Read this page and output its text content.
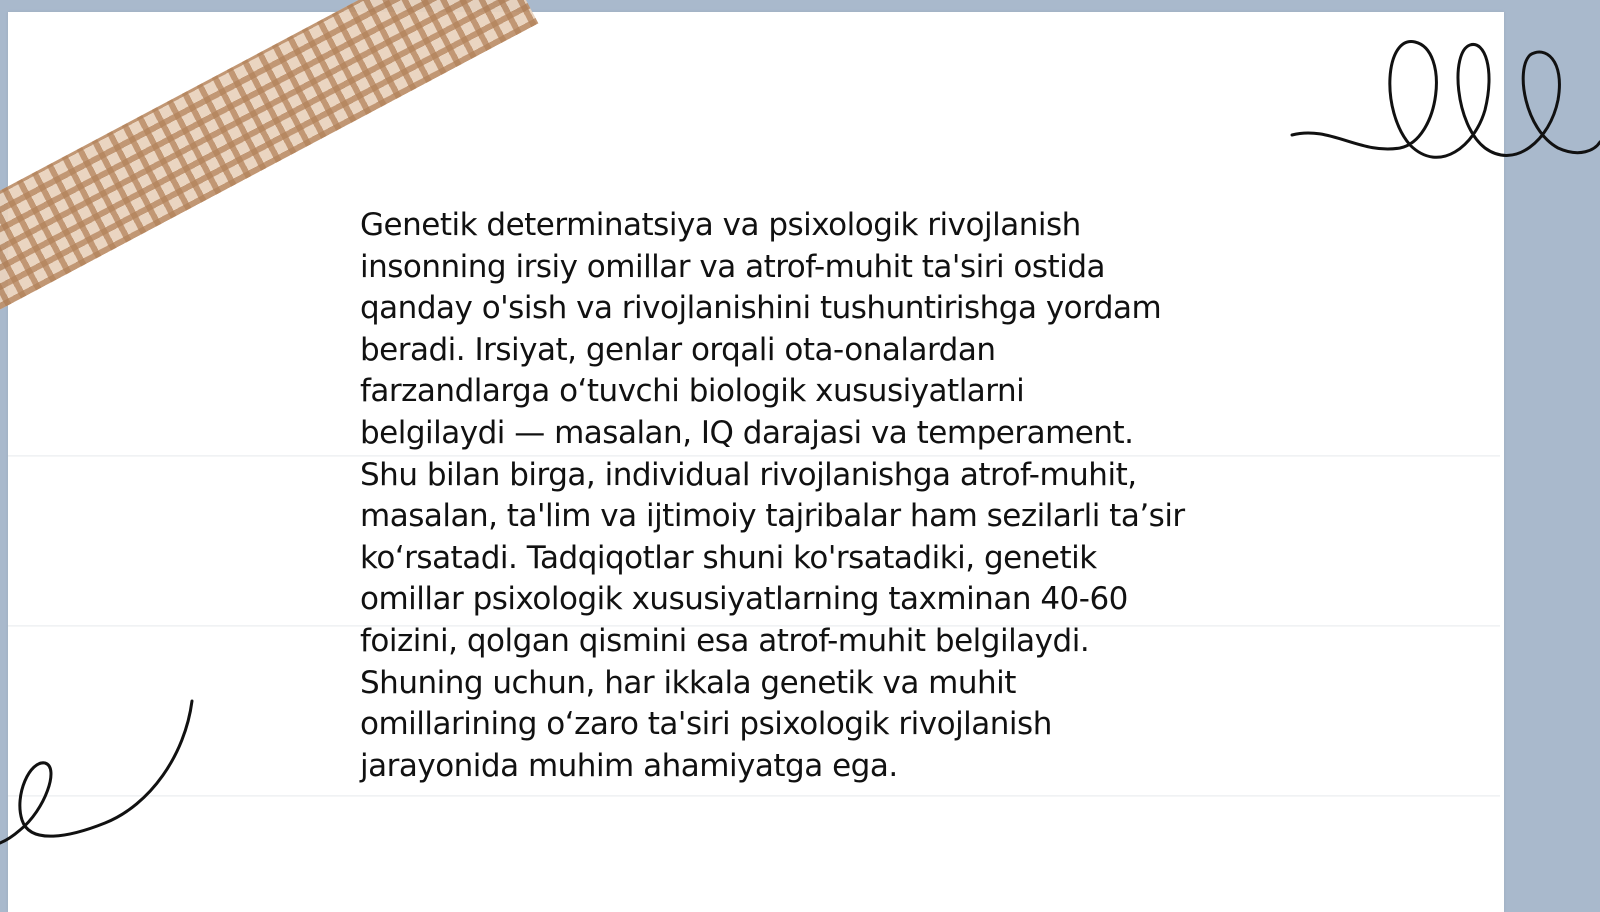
Genetik determinatsiya va psixologik rivojlanish
insonning irsiy omillar va atrof-muhit ta'siri ostida
qanday o'sish va rivojlanishini tushuntirishga yordam
beradi. Irsiyat, genlar orqali ota-onalardan
farzandlarga o‘tuvchi biologik xususiyatlarni
belgilaydi — masalan, IQ darajasi va temperament.
Shu bilan birga, individual rivojlanishga atrof-muhit,
masalan, ta'lim va ijtimoiy tajribalar ham sezilarli ta’sir
ko‘rsatadi. Tadqiqotlar shuni ko'rsatadiki, genetik
omillar psixologik xususiyatlarning taxminan 40-60
foizini, qolgan qismini esa atrof-muhit belgilaydi.
Shuning uchun, har ikkala genetik va muhit
omillarining o‘zaro ta'siri psixologik rivojlanish
jarayonida muhim ahamiyatga ega.
